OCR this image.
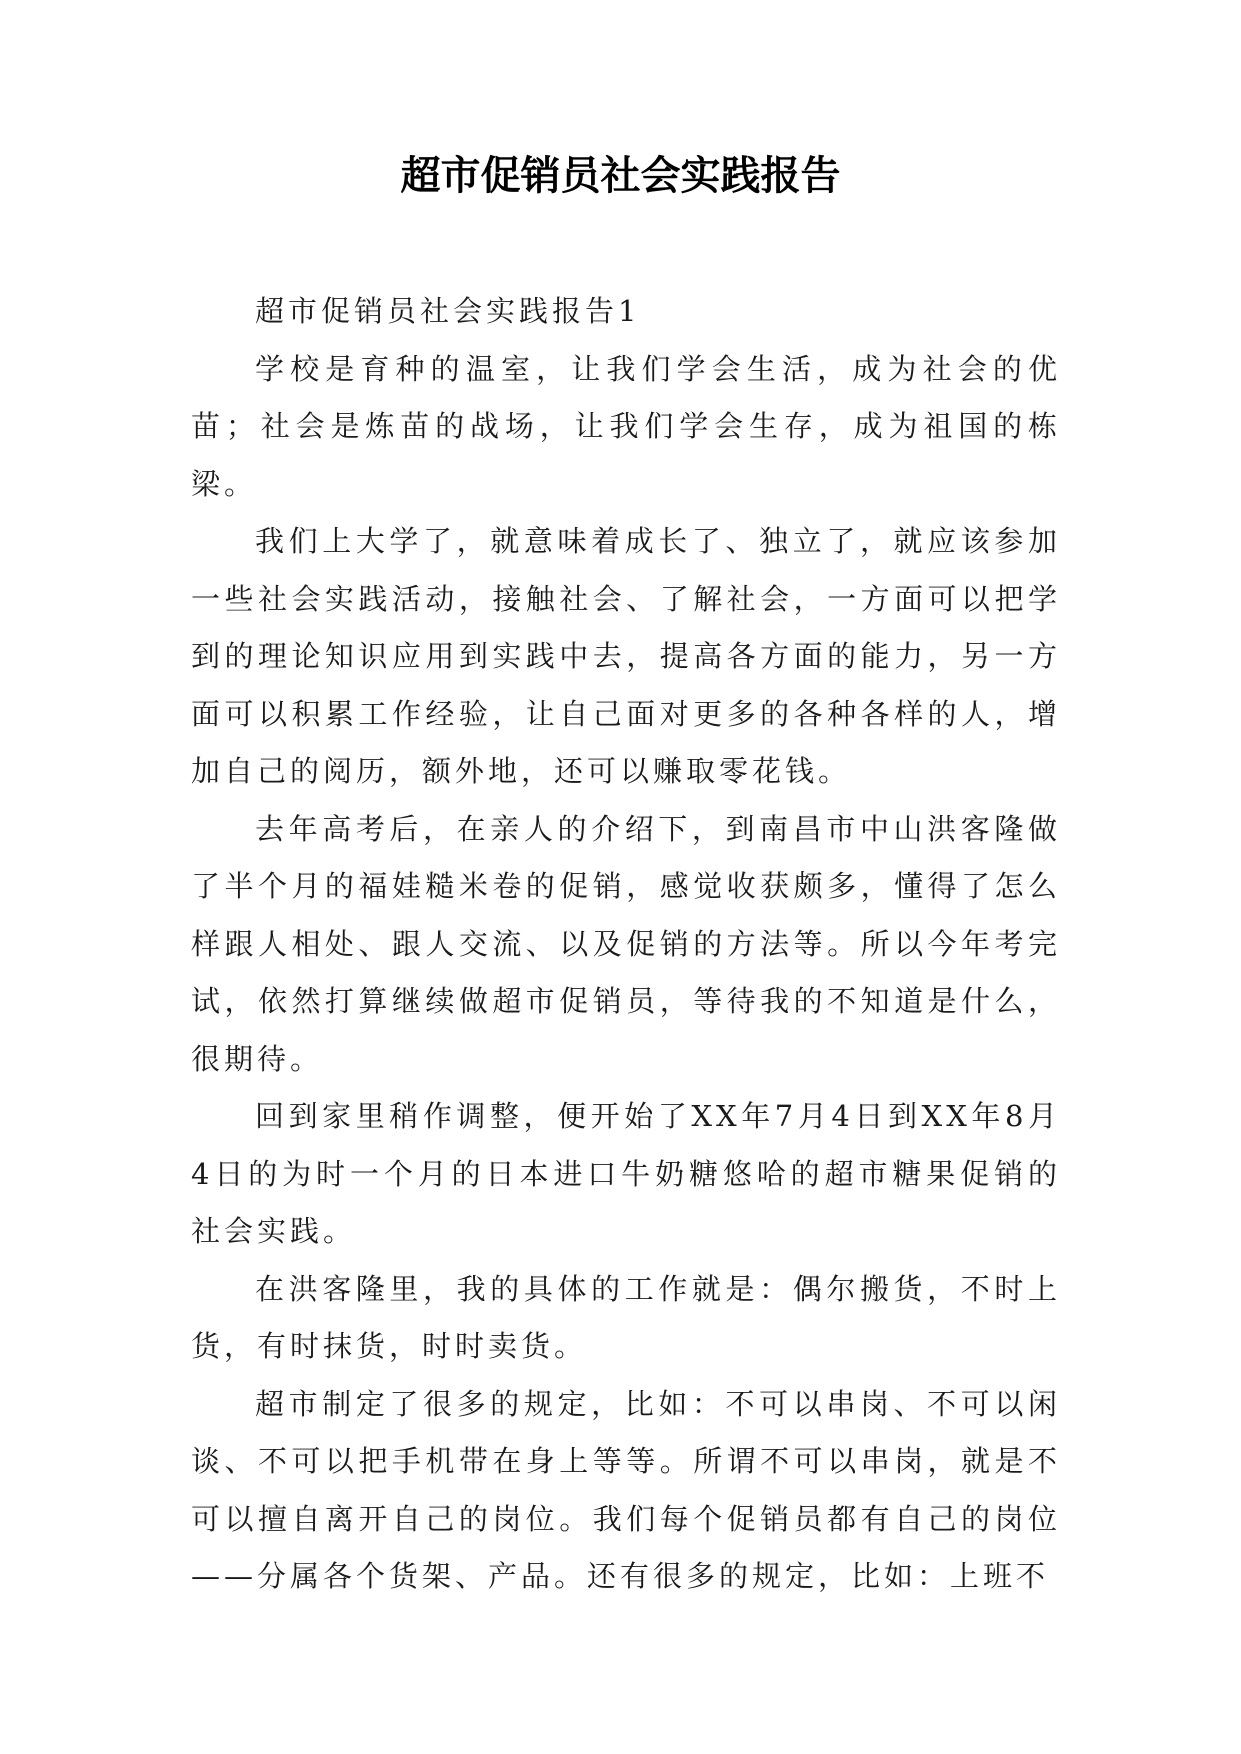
超市促销员社会实践报告

超市促销员社会实践报告1

学校是育种的温室，让我们学会生活，成为社会的优苗；社会是炼苗的战场，让我们学会生存，成为祖国的栋梁。

我们上大学了，就意味着成长了、独立了，就应该参加一些社会实践活动，接触社会、了解社会，一方面可以把学到的理论知识应用到实践中去，提高各方面的能力，另一方面可以积累工作经验，让自己面对更多的各种各样的人，增加自己的阅历，额外地，还可以赚取零花钱。

去年高考后，在亲人的介绍下，到南昌市中山洪客隆做了半个月的福娃糙米卷的促销，感觉收获颇多，懂得了怎么样跟人相处、跟人交流、以及促销的方法等。所以今年考完试，依然打算继续做超市促销员，等待我的不知道是什么，很期待。

回到家里稍作调整，便开始了XX年7月4日到XX年8月4日的为时一个月的日本进口牛奶糖悠哈的超市糖果促销的社会实践。

在洪客隆里，我的具体的工作就是：偶尔搬货，不时上货，有时抹货，时时卖货。

超市制定了很多的规定，比如：不可以串岗、不可以闲谈、不可以把手机带在身上等等。所谓不可以串岗，就是不可以擅自离开自己的岗位。我们每个促销员都有自己的岗位——分属各个货架、产品。还有很多的规定，比如：上班不
